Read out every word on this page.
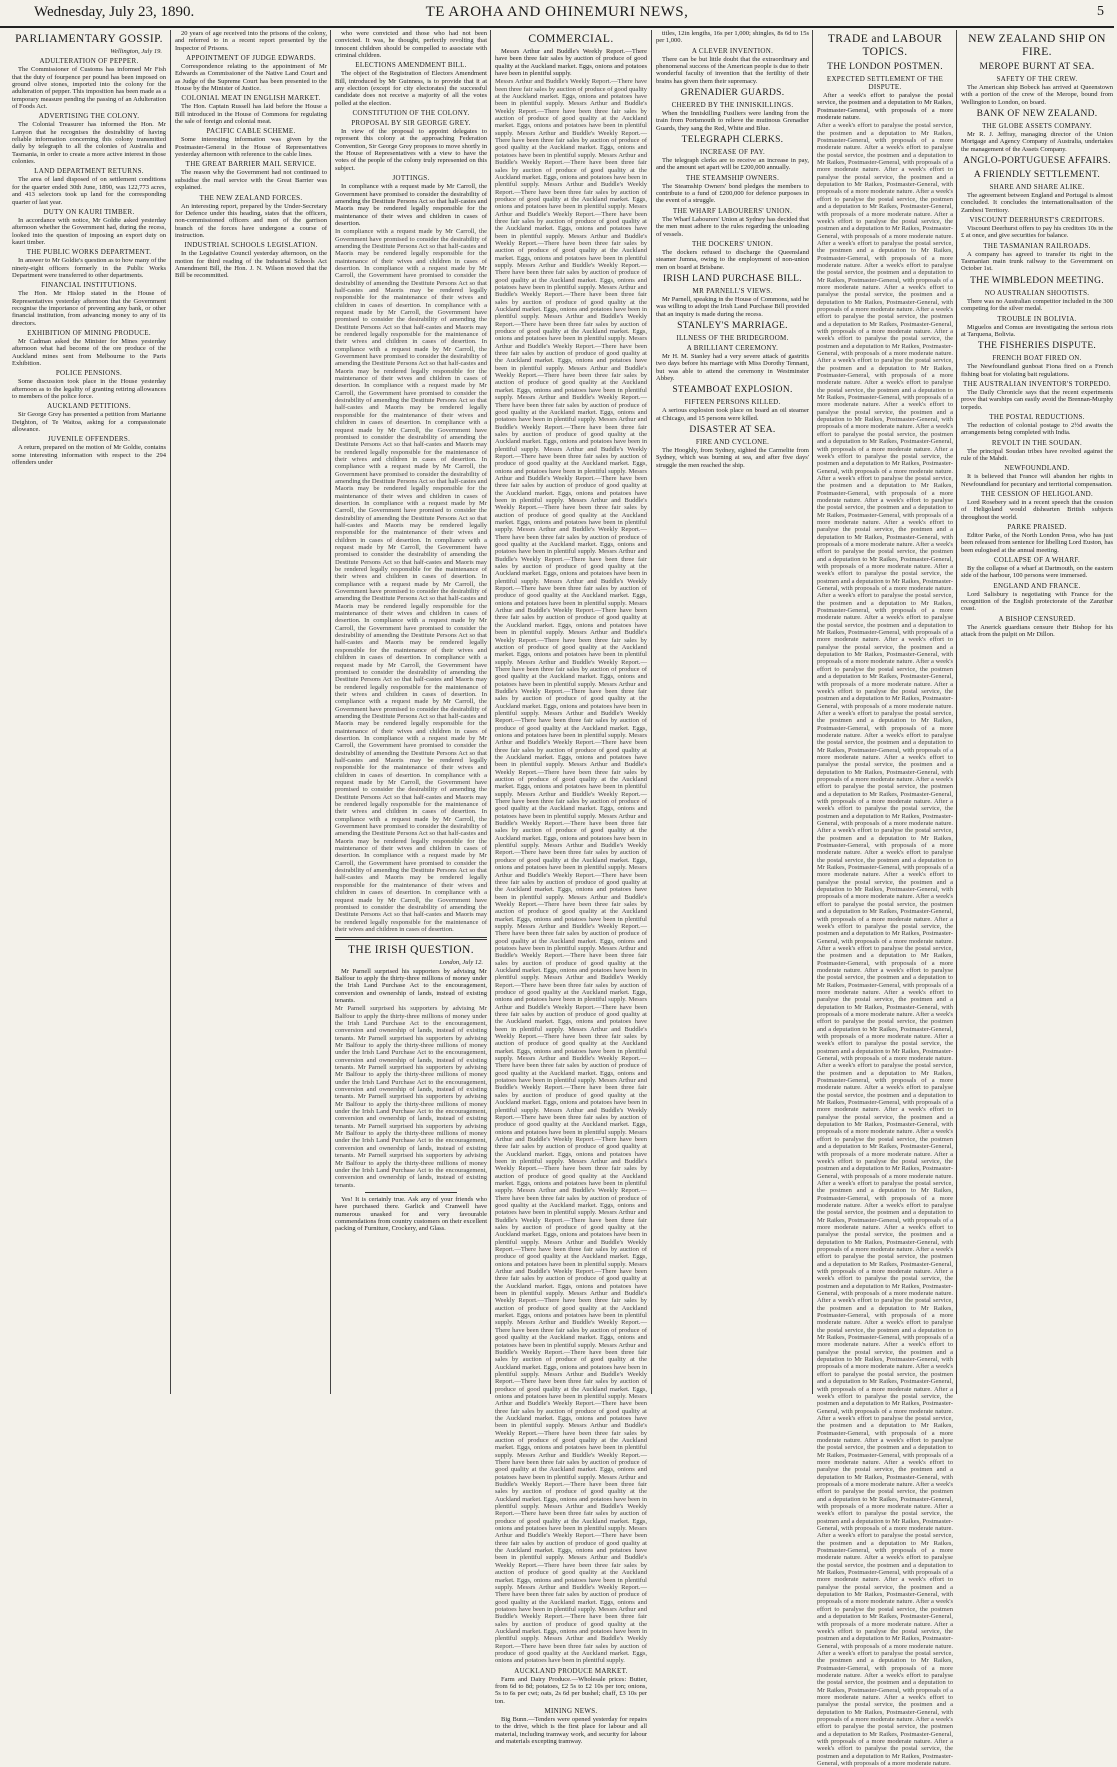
Wednesday, July 23, 1890.	TE AROHA AND OHINEMURI NEWS,	5
PARLIAMENTARY GOSSIP.
Wellington, July 19.
ADULTERATION OF PEPPER.

The Commissioner of Customs has informed Mr Fish that the duty of fourpence per pound has been imposed on ground olive stones, imported into the colony for the adulteration of pepper. This imposition has been made as a temporary measure pending the passing of an Adulteration of Foods Act.

ADVERTISING THE COLONY.

The Colonial Treasurer has informed the Hon. Mr Lanyon that he recognises the desirability of having reliable information concerning this colony transmitted daily by telegraph to all the colonies of Australia and Tasmania, in order to create a more active interest in those colonies.

LAND DEPARTMENT RETURNS.

The area of land disposed of on settlement conditions for the quarter ended 30th June, 1890, was 122,773 acres, and 413 selectors took up land for the corresponding quarter of last year.

DUTY ON KAURI TIMBER.

In accordance with notice, Mr Goldie asked yesterday afternoon whether the Government had, during the recess, looked into the question of imposing an export duty on kauri timber.

THE PUBLIC WORKS DEPARTMENT.

In answer to Mr Goldie's question as to how many of the ninety-eight officers formerly in the Public Works Department were transferred to other departments.

FINANCIAL INSTITUTIONS.

The Hon. Mr Hislop stated in the House of Representatives yesterday afternoon that the Government recognise the importance of preventing any bank, or other financial institution, from advancing money to any of its directors.

EXHIBITION OF MINING PRODUCE.

Mr Cadman asked the Minister for Mines yesterday afternoon what had become of the ore produce of the Auckland mines sent from Melbourne to the Paris Exhibition.

POLICE PENSIONS.

Some discussion took place in the House yesterday afternoon as to the legality of granting retiring allowances to members of the police force.

AUCKLAND PETITIONS.

Sir George Grey has presented a petition from Marianne Deighton, of Te Waitoa, asking for a compassionate allowance.

JUVENILE OFFENDERS.

A return, prepared on the motion of Mr Goldie, contains some interesting information with respect to the 294 offenders under

20 years of age received into the prisons of the colony, and referred to in a recent report presented by the Inspector of Prisons.

APPOINTMENT OF JUDGE EDWARDS.

Correspondence relating to the appointment of Mr Edwards as Commissioner of the Native Land Court and as Judge of the Supreme Court has been presented to the House by the Minister of Justice.

COLONIAL MEAT IN ENGLISH MARKET.

The Hon. Captain Russell has laid before the House a Bill introduced in the House of Commons for regulating the sale of foreign and colonial meat.

PACIFIC CABLE SCHEME.

Some interesting information was given by the Postmaster-General in the House of Representatives yesterday afternoon with reference to the cable lines.

THE GREAT BARRIER MAIL SERVICE.

The reason why the Government had not continued to subsidise the mail service with the Great Barrier was explained.

THE NEW ZEALAND FORCES.

An interesting report, prepared by the Under-Secretary for Defence under this heading, states that the officers, non-commissioned officers and men of the garrison branch of the forces have undergone a course of instruction.

INDUSTRIAL SCHOOLS LEGISLATION.

In the Legislative Council yesterday afternoon, on the motion for third reading of the Industrial Schools Act Amendment Bill, the Hon. J. N. Wilson moved that the Bill be recommitted.

who were convicted and those who had not been convicted. It was, he thought, perfectly revolting that innocent children should be compelled to associate with criminal children.

ELECTIONS AMENDMENT BILL.

The object of the Registration of Electors Amendment Bill, introduced by Mr Guinness, is to provide that it at any election (except for city electorates) the successful candidate does not receive a majority of all the votes polled at the election.

CONSTITUTION OF THE COLONY.
PROPOSAL BY SIR GEORGE GREY.

In view of the proposal to appoint delegates to represent this colony at the approaching Federation Convention, Sir George Grey proposes to move shortly in the House of Representatives with a view to have the votes of the people of the colony truly represented on this subject.

JOTTINGS.

In compliance with a request made by Mr Carroll, the Government have promised to consider the desirability of amending the Destitute Persons Act so that half-castes and Maoris may be rendered legally responsible for the maintenance of their wives and children in cases of desertion.

In compliance with a request made by Mr Carroll, the Government have promised to consider the desirability of amending the Destitute Persons Act so that half-castes and Maoris may be rendered legally responsible for the maintenance of their wives and children in cases of desertion. In compliance with a request made by Mr Carroll, the Government have promised to consider the desirability of amending the Destitute Persons Act so that half-castes and Maoris may be rendered legally responsible for the maintenance of their wives and children in cases of desertion. In compliance with a request made by Mr Carroll, the Government have promised to consider the desirability of amending the Destitute Persons Act so that half-castes and Maoris may be rendered legally responsible for the maintenance of their wives and children in cases of desertion. In compliance with a request made by Mr Carroll, the Government have promised to consider the desirability of amending the Destitute Persons Act so that half-castes and Maoris may be rendered legally responsible for the maintenance of their wives and children in cases of desertion. In compliance with a request made by Mr Carroll, the Government have promised to consider the desirability of amending the Destitute Persons Act so that half-castes and Maoris may be rendered legally responsible for the maintenance of their wives and children in cases of desertion. In compliance with a request made by Mr Carroll, the Government have promised to consider the desirability of amending the Destitute Persons Act so that half-castes and Maoris may be rendered legally responsible for the maintenance of their wives and children in cases of desertion. In compliance with a request made by Mr Carroll, the Government have promised to consider the desirability of amending the Destitute Persons Act so that half-castes and Maoris may be rendered legally responsible for the maintenance of their wives and children in cases of desertion. In compliance with a request made by Mr Carroll, the Government have promised to consider the desirability of amending the Destitute Persons Act so that half-castes and Maoris may be rendered legally responsible for the maintenance of their wives and children in cases of desertion. In compliance with a request made by Mr Carroll, the Government have promised to consider the desirability of amending the Destitute Persons Act so that half-castes and Maoris may be rendered legally responsible for the maintenance of their wives and children in cases of desertion. In compliance with a request made by Mr Carroll, the Government have promised to consider the desirability of amending the Destitute Persons Act so that half-castes and Maoris may be rendered legally responsible for the maintenance of their wives and children in cases of desertion. In compliance with a request made by Mr Carroll, the Government have promised to consider the desirability of amending the Destitute Persons Act so that half-castes and Maoris may be rendered legally responsible for the maintenance of their wives and children in cases of desertion. In compliance with a request made by Mr Carroll, the Government have promised to consider the desirability of amending the Destitute Persons Act so that half-castes and Maoris may be rendered legally responsible for the maintenance of their wives and children in cases of desertion. In compliance with a request made by Mr Carroll, the Government have promised to consider the desirability of amending the Destitute Persons Act so that half-castes and Maoris may be rendered legally responsible for the maintenance of their wives and children in cases of desertion. In compliance with a request made by Mr Carroll, the Government have promised to consider the desirability of amending the Destitute Persons Act so that half-castes and Maoris may be rendered legally responsible for the maintenance of their wives and children in cases of desertion. In compliance with a request made by Mr Carroll, the Government have promised to consider the desirability of amending the Destitute Persons Act so that half-castes and Maoris may be rendered legally responsible for the maintenance of their wives and children in cases of desertion. In compliance with a request made by Mr Carroll, the Government have promised to consider the desirability of amending the Destitute Persons Act so that half-castes and Maoris may be rendered legally responsible for the maintenance of their wives and children in cases of desertion. In compliance with a request made by Mr Carroll, the Government have promised to consider the desirability of amending the Destitute Persons Act so that half-castes and Maoris may be rendered legally responsible for the maintenance of their wives and children in cases of desertion. In compliance with a request made by Mr Carroll, the Government have promised to consider the desirability of amending the Destitute Persons Act so that half-castes and Maoris may be rendered legally responsible for the maintenance of their wives and children in cases of desertion.
THE IRISH QUESTION.
London, July 12.

Mr Parnell surprised his supporters by advising Mr Balfour to apply the thirty-three millions of money under the Irish Land Purchase Act to the encouragement, conversion and ownership of lands, instead of existing tenants.

Mr Parnell surprised his supporters by advising Mr Balfour to apply the thirty-three millions of money under the Irish Land Purchase Act to the encouragement, conversion and ownership of lands, instead of existing tenants. Mr Parnell surprised his supporters by advising Mr Balfour to apply the thirty-three millions of money under the Irish Land Purchase Act to the encouragement, conversion and ownership of lands, instead of existing tenants. Mr Parnell surprised his supporters by advising Mr Balfour to apply the thirty-three millions of money under the Irish Land Purchase Act to the encouragement, conversion and ownership of lands, instead of existing tenants. Mr Parnell surprised his supporters by advising Mr Balfour to apply the thirty-three millions of money under the Irish Land Purchase Act to the encouragement, conversion and ownership of lands, instead of existing tenants. Mr Parnell surprised his supporters by advising Mr Balfour to apply the thirty-three millions of money under the Irish Land Purchase Act to the encouragement, conversion and ownership of lands, instead of existing tenants. Mr Parnell surprised his supporters by advising Mr Balfour to apply the thirty-three millions of money under the Irish Land Purchase Act to the encouragement, conversion and ownership of lands, instead of existing tenants.

Yes! It is certainly true. Ask any of your friends who have purchased there. Garlick and Cranwell have numerous unasked for and very favourable commendations from country customers on their excellent packing of Furniture, Crockery, and Glass.

COMMERCIAL.

Messrs Arthur and Buddle's Weekly Report.—There have been three fair sales by auction of produce of good quality at the Auckland market. Eggs, onions and potatoes have been in plentiful supply.

Messrs Arthur and Buddle's Weekly Report.—There have been three fair sales by auction of produce of good quality at the Auckland market. Eggs, onions and potatoes have been in plentiful supply. Messrs Arthur and Buddle's Weekly Report.—There have been three fair sales by auction of produce of good quality at the Auckland market. Eggs, onions and potatoes have been in plentiful supply. Messrs Arthur and Buddle's Weekly Report.—There have been three fair sales by auction of produce of good quality at the Auckland market. Eggs, onions and potatoes have been in plentiful supply. Messrs Arthur and Buddle's Weekly Report.—There have been three fair sales by auction of produce of good quality at the Auckland market. Eggs, onions and potatoes have been in plentiful supply. Messrs Arthur and Buddle's Weekly Report.—There have been three fair sales by auction of produce of good quality at the Auckland market. Eggs, onions and potatoes have been in plentiful supply. Messrs Arthur and Buddle's Weekly Report.—There have been three fair sales by auction of produce of good quality at the Auckland market. Eggs, onions and potatoes have been in plentiful supply. Messrs Arthur and Buddle's Weekly Report.—There have been three fair sales by auction of produce of good quality at the Auckland market. Eggs, onions and potatoes have been in plentiful supply. Messrs Arthur and Buddle's Weekly Report.—There have been three fair sales by auction of produce of good quality at the Auckland market. Eggs, onions and potatoes have been in plentiful supply. Messrs Arthur and Buddle's Weekly Report.—There have been three fair sales by auction of produce of good quality at the Auckland market. Eggs, onions and potatoes have been in plentiful supply. Messrs Arthur and Buddle's Weekly Report.—There have been three fair sales by auction of produce of good quality at the Auckland market. Eggs, onions and potatoes have been in plentiful supply. Messrs Arthur and Buddle's Weekly Report.—There have been three fair sales by auction of produce of good quality at the Auckland market. Eggs, onions and potatoes have been in plentiful supply. Messrs Arthur and Buddle's Weekly Report.—There have been three fair sales by auction of produce of good quality at the Auckland market. Eggs, onions and potatoes have been in plentiful supply. Messrs Arthur and Buddle's Weekly Report.—There have been three fair sales by auction of produce of good quality at the Auckland market. Eggs, onions and potatoes have been in plentiful supply. Messrs Arthur and Buddle's Weekly Report.—There have been three fair sales by auction of produce of good quality at the Auckland market. Eggs, onions and potatoes have been in plentiful supply. Messrs Arthur and Buddle's Weekly Report.—There have been three fair sales by auction of produce of good quality at the Auckland market. Eggs, onions and potatoes have been in plentiful supply. Messrs Arthur and Buddle's Weekly Report.—There have been three fair sales by auction of produce of good quality at the Auckland market. Eggs, onions and potatoes have been in plentiful supply. Messrs Arthur and Buddle's Weekly Report.—There have been three fair sales by auction of produce of good quality at the Auckland market. Eggs, onions and potatoes have been in plentiful supply. Messrs Arthur and Buddle's Weekly Report.—There have been three fair sales by auction of produce of good quality at the Auckland market. Eggs, onions and potatoes have been in plentiful supply. Messrs Arthur and Buddle's Weekly Report.—There have been three fair sales by auction of produce of good quality at the Auckland market. Eggs, onions and potatoes have been in plentiful supply. Messrs Arthur and Buddle's Weekly Report.—There have been three fair sales by auction of produce of good quality at the Auckland market. Eggs, onions and potatoes have been in plentiful supply. Messrs Arthur and Buddle's Weekly Report.—There have been three fair sales by auction of produce of good quality at the Auckland market. Eggs, onions and potatoes have been in plentiful supply. Messrs Arthur and Buddle's Weekly Report.—There have been three fair sales by auction of produce of good quality at the Auckland market. Eggs, onions and potatoes have been in plentiful supply. Messrs Arthur and Buddle's Weekly Report.—There have been three fair sales by auction of produce of good quality at the Auckland market. Eggs, onions and potatoes have been in plentiful supply. Messrs Arthur and Buddle's Weekly Report.—There have been three fair sales by auction of produce of good quality at the Auckland market. Eggs, onions and potatoes have been in plentiful supply. Messrs Arthur and Buddle's Weekly Report.—There have been three fair sales by auction of produce of good quality at the Auckland market. Eggs, onions and potatoes have been in plentiful supply. Messrs Arthur and Buddle's Weekly Report.—There have been three fair sales by auction of produce of good quality at the Auckland market. Eggs, onions and potatoes have been in plentiful supply. Messrs Arthur and Buddle's Weekly Report.—There have been three fair sales by auction of produce of good quality at the Auckland market. Eggs, onions and potatoes have been in plentiful supply. Messrs Arthur and Buddle's Weekly Report.—There have been three fair sales by auction of produce of good quality at the Auckland market. Eggs, onions and potatoes have been in plentiful supply. Messrs Arthur and Buddle's Weekly Report.—There have been three fair sales by auction of produce of good quality at the Auckland market. Eggs, onions and potatoes have been in plentiful supply. Messrs Arthur and Buddle's Weekly Report.—There have been three fair sales by auction of produce of good quality at the Auckland market. Eggs, onions and potatoes have been in plentiful supply. Messrs Arthur and Buddle's Weekly Report.—There have been three fair sales by auction of produce of good quality at the Auckland market. Eggs, onions and potatoes have been in plentiful supply. Messrs Arthur and Buddle's Weekly Report.—There have been three fair sales by auction of produce of good quality at the Auckland market. Eggs, onions and potatoes have been in plentiful supply. Messrs Arthur and Buddle's Weekly Report.—There have been three fair sales by auction of produce of good quality at the Auckland market. Eggs, onions and potatoes have been in plentiful supply. Messrs Arthur and Buddle's Weekly Report.—There have been three fair sales by auction of produce of good quality at the Auckland market. Eggs, onions and potatoes have been in plentiful supply. Messrs Arthur and Buddle's Weekly Report.—There have been three fair sales by auction of produce of good quality at the Auckland market. Eggs, onions and potatoes have been in plentiful supply. Messrs Arthur and Buddle's Weekly Report.—There have been three fair sales by auction of produce of good quality at the Auckland market. Eggs, onions and potatoes have been in plentiful supply. Messrs Arthur and Buddle's Weekly Report.—There have been three fair sales by auction of produce of good quality at the Auckland market. Eggs, onions and potatoes have been in plentiful supply. Messrs Arthur and Buddle's Weekly Report.—There have been three fair sales by auction of produce of good quality at the Auckland market. Eggs, onions and potatoes have been in plentiful supply. Messrs Arthur and Buddle's Weekly Report.—There have been three fair sales by auction of produce of good quality at the Auckland market. Eggs, onions and potatoes have been in plentiful supply. Messrs Arthur and Buddle's Weekly Report.—There have been three fair sales by auction of produce of good quality at the Auckland market. Eggs, onions and potatoes have been in plentiful supply. Messrs Arthur and Buddle's Weekly Report.—There have been three fair sales by auction of produce of good quality at the Auckland market. Eggs, onions and potatoes have been in plentiful supply. Messrs Arthur and Buddle's Weekly Report.—There have been three fair sales by auction of produce of good quality at the Auckland market. Eggs, onions and potatoes have been in plentiful supply. Messrs Arthur and Buddle's Weekly Report.—There have been three fair sales by auction of produce of good quality at the Auckland market. Eggs, onions and potatoes have been in plentiful supply. Messrs Arthur and Buddle's Weekly Report.—There have been three fair sales by auction of produce of good quality at the Auckland market. Eggs, onions and potatoes have been in plentiful supply. Messrs Arthur and Buddle's Weekly Report.—There have been three fair sales by auction of produce of good quality at the Auckland market. Eggs, onions and potatoes have been in plentiful supply. Messrs Arthur and Buddle's Weekly Report.—There have been three fair sales by auction of produce of good quality at the Auckland market. Eggs, onions and potatoes have been in plentiful supply. Messrs Arthur and Buddle's Weekly Report.—There have been three fair sales by auction of produce of good quality at the Auckland market. Eggs, onions and potatoes have been in plentiful supply. Messrs Arthur and Buddle's Weekly Report.—There have been three fair sales by auction of produce of good quality at the Auckland market. Eggs, onions and potatoes have been in plentiful supply. Messrs Arthur and Buddle's Weekly Report.—There have been three fair sales by auction of produce of good quality at the Auckland market. Eggs, onions and potatoes have been in plentiful supply. Messrs Arthur and Buddle's Weekly Report.—There have been three fair sales by auction of produce of good quality at the Auckland market. Eggs, onions and potatoes have been in plentiful supply. Messrs Arthur and Buddle's Weekly Report.—There have been three fair sales by auction of produce of good quality at the Auckland market. Eggs, onions and potatoes have been in plentiful supply. Messrs Arthur and Buddle's Weekly Report.—There have been three fair sales by auction of produce of good quality at the Auckland market. Eggs, onions and potatoes have been in plentiful supply. Messrs Arthur and Buddle's Weekly Report.—There have been three fair sales by auction of produce of good quality at the Auckland market. Eggs, onions and potatoes have been in plentiful supply. Messrs Arthur and Buddle's Weekly Report.—There have been three fair sales by auction of produce of good quality at the Auckland market. Eggs, onions and potatoes have been in plentiful supply. Messrs Arthur and Buddle's Weekly Report.—There have been three fair sales by auction of produce of good quality at the Auckland market. Eggs, onions and potatoes have been in plentiful supply. Messrs Arthur and Buddle's Weekly Report.—There have been three fair sales by auction of produce of good quality at the Auckland market. Eggs, onions and potatoes have been in plentiful supply. Messrs Arthur and Buddle's Weekly Report.—There have been three fair sales by auction of produce of good quality at the Auckland market. Eggs, onions and potatoes have been in plentiful supply. Messrs Arthur and Buddle's Weekly Report.—There have been three fair sales by auction of produce of good quality at the Auckland market. Eggs, onions and potatoes have been in plentiful supply. Messrs Arthur and Buddle's Weekly Report.—There have been three fair sales by auction of produce of good quality at the Auckland market. Eggs, onions and potatoes have been in plentiful supply. Messrs Arthur and Buddle's Weekly Report.—There have been three fair sales by auction of produce of good quality at the Auckland market. Eggs, onions and potatoes have been in plentiful supply.
AUCKLAND PRODUCE MARKET.

Farm and Dairy Produce.—Wholesale prices: Butter, from 6d to 8d; potatoes, £2 5s to £2 10s per ton; onions, 5s to 6s per cwt; oats, 2s 6d per bushel; chaff, £3 10s per ton.

MINING NEWS.

Big Bunn.—Tenders were opened yesterday for repairs to the drive, which is the first place for labour and all material, including tramway work, and security for labour and materials excepting tramway.

titles, 12in lengths, 16s per 1,000; shingles, 8s 6d to 15s per 1,000.

A CLEVER INVENTION.

There can be but little doubt that the extraordinary and phenomenal success of the American people is due to their wonderful faculty of invention that the fertility of their brains has given them their supremacy.

GRENADIER GUARDS.
CHEERED BY THE INNISKILLINGS.

When the Inniskilling Fusiliers were landing from the train from Portsmouth to relieve the mutinous Grenadier Guards, they sang the Red, White and Blue.

TELEGRAPH CLERKS.
INCREASE OF PAY.

The telegraph clerks are to receive an increase in pay, and the amount set apart will be £200,000 annually.

THE STEAMSHIP OWNERS.

The Steamship Owners' bond pledges the members to contribute to a fund of £200,000 for defence purposes in the event of a struggle.

THE WHARF LABOURERS' UNION.

The Wharf Labourers' Union at Sydney has decided that the men must adhere to the rules regarding the unloading of vessels.

THE DOCKERS' UNION.

The dockers refused to discharge the Queensland steamer Jumna, owing to the employment of non-union men on board at Brisbane.

IRISH LAND PURCHASE BILL.
MR PARNELL'S VIEWS.

Mr Parnell, speaking in the House of Commons, said he was willing to adopt the Irish Land Purchase Bill provided that an inquiry is made during the recess.

STANLEY'S MARRIAGE.
ILLNESS OF THE BRIDEGROOM.
A BRILLIANT CEREMONY.

Mr H. M. Stanley had a very severe attack of gastritis two days before his marriage with Miss Dorothy Tennant, but was able to attend the ceremony in Westminster Abbey.

STEAMBOAT EXPLOSION.
FIFTEEN PERSONS KILLED.

A serious explosion took place on board an oil steamer at Chicago, and 15 persons were killed.

DISASTER AT SEA.
FIRE AND CYCLONE.

The Hooghly, from Sydney, sighted the Carmelite from Sydney, which was burning at sea, and after five days' struggle the men reached the ship.

TRADE and LABOUR TOPICS.
THE LONDON POSTMEN.
EXPECTED SETTLEMENT OF THE DISPUTE.

After a week's effort to paralyse the postal service, the postmen and a deputation to Mr Raikes, Postmaster-General, with proposals of a more moderate nature.

After a week's effort to paralyse the postal service, the postmen and a deputation to Mr Raikes, Postmaster-General, with proposals of a more moderate nature. After a week's effort to paralyse the postal service, the postmen and a deputation to Mr Raikes, Postmaster-General, with proposals of a more moderate nature. After a week's effort to paralyse the postal service, the postmen and a deputation to Mr Raikes, Postmaster-General, with proposals of a more moderate nature. After a week's effort to paralyse the postal service, the postmen and a deputation to Mr Raikes, Postmaster-General, with proposals of a more moderate nature. After a week's effort to paralyse the postal service, the postmen and a deputation to Mr Raikes, Postmaster-General, with proposals of a more moderate nature. After a week's effort to paralyse the postal service, the postmen and a deputation to Mr Raikes, Postmaster-General, with proposals of a more moderate nature. After a week's effort to paralyse the postal service, the postmen and a deputation to Mr Raikes, Postmaster-General, with proposals of a more moderate nature. After a week's effort to paralyse the postal service, the postmen and a deputation to Mr Raikes, Postmaster-General, with proposals of a more moderate nature. After a week's effort to paralyse the postal service, the postmen and a deputation to Mr Raikes, Postmaster-General, with proposals of a more moderate nature. After a week's effort to paralyse the postal service, the postmen and a deputation to Mr Raikes, Postmaster-General, with proposals of a more moderate nature. After a week's effort to paralyse the postal service, the postmen and a deputation to Mr Raikes, Postmaster-General, with proposals of a more moderate nature. After a week's effort to paralyse the postal service, the postmen and a deputation to Mr Raikes, Postmaster-General, with proposals of a more moderate nature. After a week's effort to paralyse the postal service, the postmen and a deputation to Mr Raikes, Postmaster-General, with proposals of a more moderate nature. After a week's effort to paralyse the postal service, the postmen and a deputation to Mr Raikes, Postmaster-General, with proposals of a more moderate nature. After a week's effort to paralyse the postal service, the postmen and a deputation to Mr Raikes, Postmaster-General, with proposals of a more moderate nature. After a week's effort to paralyse the postal service, the postmen and a deputation to Mr Raikes, Postmaster-General, with proposals of a more moderate nature. After a week's effort to paralyse the postal service, the postmen and a deputation to Mr Raikes, Postmaster-General, with proposals of a more moderate nature. After a week's effort to paralyse the postal service, the postmen and a deputation to Mr Raikes, Postmaster-General, with proposals of a more moderate nature. After a week's effort to paralyse the postal service, the postmen and a deputation to Mr Raikes, Postmaster-General, with proposals of a more moderate nature. After a week's effort to paralyse the postal service, the postmen and a deputation to Mr Raikes, Postmaster-General, with proposals of a more moderate nature. After a week's effort to paralyse the postal service, the postmen and a deputation to Mr Raikes, Postmaster-General, with proposals of a more moderate nature. After a week's effort to paralyse the postal service, the postmen and a deputation to Mr Raikes, Postmaster-General, with proposals of a more moderate nature. After a week's effort to paralyse the postal service, the postmen and a deputation to Mr Raikes, Postmaster-General, with proposals of a more moderate nature. After a week's effort to paralyse the postal service, the postmen and a deputation to Mr Raikes, Postmaster-General, with proposals of a more moderate nature. After a week's effort to paralyse the postal service, the postmen and a deputation to Mr Raikes, Postmaster-General, with proposals of a more moderate nature. After a week's effort to paralyse the postal service, the postmen and a deputation to Mr Raikes, Postmaster-General, with proposals of a more moderate nature. After a week's effort to paralyse the postal service, the postmen and a deputation to Mr Raikes, Postmaster-General, with proposals of a more moderate nature. After a week's effort to paralyse the postal service, the postmen and a deputation to Mr Raikes, Postmaster-General, with proposals of a more moderate nature. After a week's effort to paralyse the postal service, the postmen and a deputation to Mr Raikes, Postmaster-General, with proposals of a more moderate nature. After a week's effort to paralyse the postal service, the postmen and a deputation to Mr Raikes, Postmaster-General, with proposals of a more moderate nature. After a week's effort to paralyse the postal service, the postmen and a deputation to Mr Raikes, Postmaster-General, with proposals of a more moderate nature. After a week's effort to paralyse the postal service, the postmen and a deputation to Mr Raikes, Postmaster-General, with proposals of a more moderate nature. After a week's effort to paralyse the postal service, the postmen and a deputation to Mr Raikes, Postmaster-General, with proposals of a more moderate nature. After a week's effort to paralyse the postal service, the postmen and a deputation to Mr Raikes, Postmaster-General, with proposals of a more moderate nature. After a week's effort to paralyse the postal service, the postmen and a deputation to Mr Raikes, Postmaster-General, with proposals of a more moderate nature. After a week's effort to paralyse the postal service, the postmen and a deputation to Mr Raikes, Postmaster-General, with proposals of a more moderate nature. After a week's effort to paralyse the postal service, the postmen and a deputation to Mr Raikes, Postmaster-General, with proposals of a more moderate nature. After a week's effort to paralyse the postal service, the postmen and a deputation to Mr Raikes, Postmaster-General, with proposals of a more moderate nature. After a week's effort to paralyse the postal service, the postmen and a deputation to Mr Raikes, Postmaster-General, with proposals of a more moderate nature. After a week's effort to paralyse the postal service, the postmen and a deputation to Mr Raikes, Postmaster-General, with proposals of a more moderate nature. After a week's effort to paralyse the postal service, the postmen and a deputation to Mr Raikes, Postmaster-General, with proposals of a more moderate nature. After a week's effort to paralyse the postal service, the postmen and a deputation to Mr Raikes, Postmaster-General, with proposals of a more moderate nature. After a week's effort to paralyse the postal service, the postmen and a deputation to Mr Raikes, Postmaster-General, with proposals of a more moderate nature. After a week's effort to paralyse the postal service, the postmen and a deputation to Mr Raikes, Postmaster-General, with proposals of a more moderate nature. After a week's effort to paralyse the postal service, the postmen and a deputation to Mr Raikes, Postmaster-General, with proposals of a more moderate nature. After a week's effort to paralyse the postal service, the postmen and a deputation to Mr Raikes, Postmaster-General, with proposals of a more moderate nature. After a week's effort to paralyse the postal service, the postmen and a deputation to Mr Raikes, Postmaster-General, with proposals of a more moderate nature. After a week's effort to paralyse the postal service, the postmen and a deputation to Mr Raikes, Postmaster-General, with proposals of a more moderate nature. After a week's effort to paralyse the postal service, the postmen and a deputation to Mr Raikes, Postmaster-General, with proposals of a more moderate nature. After a week's effort to paralyse the postal service, the postmen and a deputation to Mr Raikes, Postmaster-General, with proposals of a more moderate nature. After a week's effort to paralyse the postal service, the postmen and a deputation to Mr Raikes, Postmaster-General, with proposals of a more moderate nature. After a week's effort to paralyse the postal service, the postmen and a deputation to Mr Raikes, Postmaster-General, with proposals of a more moderate nature. After a week's effort to paralyse the postal service, the postmen and a deputation to Mr Raikes, Postmaster-General, with proposals of a more moderate nature. After a week's effort to paralyse the postal service, the postmen and a deputation to Mr Raikes, Postmaster-General, with proposals of a more moderate nature. After a week's effort to paralyse the postal service, the postmen and a deputation to Mr Raikes, Postmaster-General, with proposals of a more moderate nature. After a week's effort to paralyse the postal service, the postmen and a deputation to Mr Raikes, Postmaster-General, with proposals of a more moderate nature. After a week's effort to paralyse the postal service, the postmen and a deputation to Mr Raikes, Postmaster-General, with proposals of a more moderate nature. After a week's effort to paralyse the postal service, the postmen and a deputation to Mr Raikes, Postmaster-General, with proposals of a more moderate nature. After a week's effort to paralyse the postal service, the postmen and a deputation to Mr Raikes, Postmaster-General, with proposals of a more moderate nature. After a week's effort to paralyse the postal service, the postmen and a deputation to Mr Raikes, Postmaster-General, with proposals of a more moderate nature. After a week's effort to paralyse the postal service, the postmen and a deputation to Mr Raikes, Postmaster-General, with proposals of a more moderate nature. After a week's effort to paralyse the postal service, the postmen and a deputation to Mr Raikes, Postmaster-General, with proposals of a more moderate nature. After a week's effort to paralyse the postal service, the postmen and a deputation to Mr Raikes, Postmaster-General, with proposals of a more moderate nature. After a week's effort to paralyse the postal service, the postmen and a deputation to Mr Raikes, Postmaster-General, with proposals of a more moderate nature. After a week's effort to paralyse the postal service, the postmen and a deputation to Mr Raikes, Postmaster-General, with proposals of a more moderate nature. After a week's effort to paralyse the postal service, the postmen and a deputation to Mr Raikes, Postmaster-General, with proposals of a more moderate nature. After a week's effort to paralyse the postal service, the postmen and a deputation to Mr Raikes, Postmaster-General, with proposals of a more moderate nature. After a week's effort to paralyse the postal service, the postmen and a deputation to Mr Raikes, Postmaster-General, with proposals of a more moderate nature. After a week's effort to paralyse the postal service, the postmen and a deputation to Mr Raikes, Postmaster-General, with proposals of a more moderate nature. After a week's effort to paralyse the postal service, the postmen and a deputation to Mr Raikes, Postmaster-General, with proposals of a more moderate nature.
NEW ZEALAND SHIP ON FIRE.
MEROPE BURNT AT SEA.
SAFETY OF THE CREW.

The American ship Bobeck has arrived at Queenstown with a portion of the crew of the Merope, bound from Wellington to London, on board.

BANK OF NEW ZEALAND.
THE GLOBE ASSETS COMPANY.

Mr R. J. Jeffray, managing director of the Union Mortgage and Agency Company of Australia, undertakes the management of the Assets Company.

ANGLO-PORTUGUESE AFFAIRS.
A FRIENDLY SETTLEMENT.
SHARE AND SHARE ALIKE.

The agreement between England and Portugal is almost concluded. It concludes the internationalisation of the Zambesi Territory.

VISCOUNT DEERHURST'S CREDITORS.

Viscount Deerhurst offers to pay his creditors 10s in the £ at once, and give securities for balance.

THE TASMANIAN RAILROADS.

A company has agreed to transfer its right in the Tasmanian main trunk railway to the Government on October 1st.

THE WIMBLEDON MEETING.
NO AUSTRALIAN SHOOTISTS.

There was no Australian competitor included in the 300 competing for the silver medal.

TROUBLE IN BOLIVIA.

Miguelos and Comus are investigating the serious riots at Tarquena, Bolivia.

THE FISHERIES DISPUTE.
FRENCH BOAT FIRED ON.

The Newfoundland gunboat Fiona fired on a French fishing boat for violating bait regulations.

THE AUSTRALIAN INVENTOR'S TORPEDO.

The Daily Chronicle says that the recent experiments prove that warships can easily avoid the Brennan-Murphy torpedo.

THE POSTAL REDUCTIONS.

The reduction of colonial postage to 2½d awaits the arrangements being completed with India.

REVOLT IN THE SOUDAN.

The principal Soudan tribes have revolted against the rule of the Mahdi.

NEWFOUNDLAND.

It is believed that France will abandon her rights in Newfoundland for pecuniary and territorial compensation.

THE CESSION OF HELIGOLAND.

Lord Rosebery said in a recent speech that the cession of Heligoland would dishearten British subjects throughout the world.

PARKE PRAISED.

Editor Parke, of the North London Press, who has just been released from sentence for libelling Lord Euston, has been eulogised at the annual meeting.

COLLAPSE OF A WHARF.

By the collapse of a wharf at Dartmouth, on the eastern side of the harbour, 100 persons were immersed.

ENGLAND AND FRANCE.

Lord Salisbury is negotiating with France for the recognition of the English protectorate of the Zanzibar coast.

A BISHOP CENSURED.

The Anerick guardians censure their Bishop for his attack from the pulpit on Mr Dillon.
